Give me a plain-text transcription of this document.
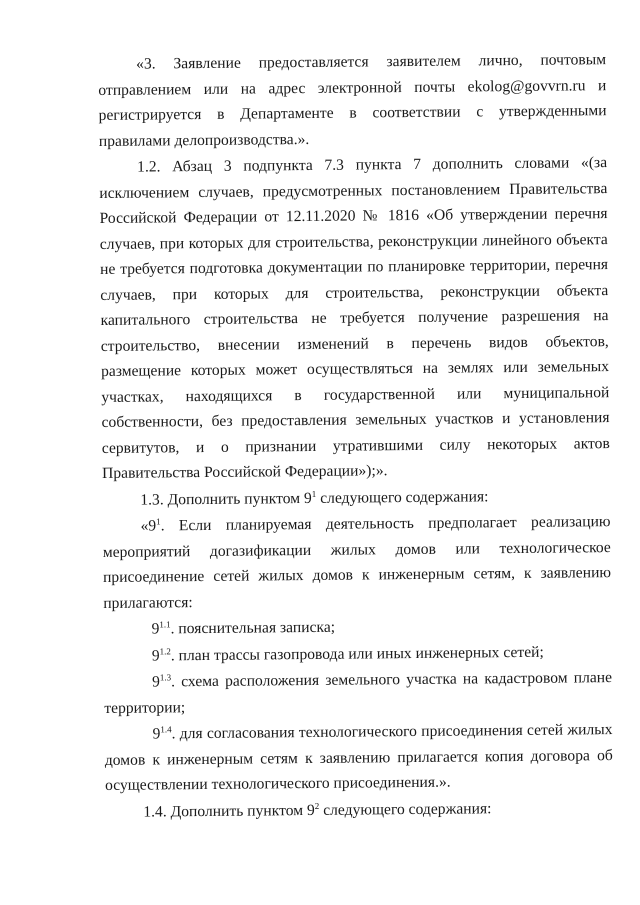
«3. Заявление предоставляется заявителем лично, почтовым отправлением или на адрес электронной почты ekolog@govvrn.ru и регистрируется в Департаменте в соответствии с утвержденными правилами делопроизводства.».

1.2. Абзац 3 подпункта 7.3 пункта 7 дополнить словами «(за исключением случаев, предусмотренных постановлением Правительства Российской Федерации от 12.11.2020 № 1816 «Об утверждении перечня случаев, при которых для строительства, реконструкции линейного объекта не требуется подготовка документации по планировке территории, перечня случаев, при которых для строительства, реконструкции объекта капитального строительства не требуется получение разрешения на строительство, внесении изменений в перечень видов объектов, размещение которых может осуществляться на землях или земельных участках, находящихся в государственной или муниципальной собственности, без предоставления земельных участков и установления сервитутов, и о признании утратившими силу некоторых актов Правительства Российской Федерации»);».

1.3. Дополнить пунктом $9^1$ следующего содержания:

«$9^1$. Если планируемая деятельность предполагает реализацию мероприятий догазификации жилых домов или технологическое присоединение сетей жилых домов к инженерным сетям, к заявлению прилагаются:

$9^{1.1}$. пояснительная записка;

$9^{1.2}$. план трассы газопровода или иных инженерных сетей;

$9^{1.3}$. схема расположения земельного участка на кадастровом плане территории;

$9^{1.4}$. для согласования технологического присоединения сетей жилых домов к инженерным сетям к заявлению прилагается копия договора об осуществлении технологического присоединения.».

1.4. Дополнить пунктом $9^2$ следующего содержания:
